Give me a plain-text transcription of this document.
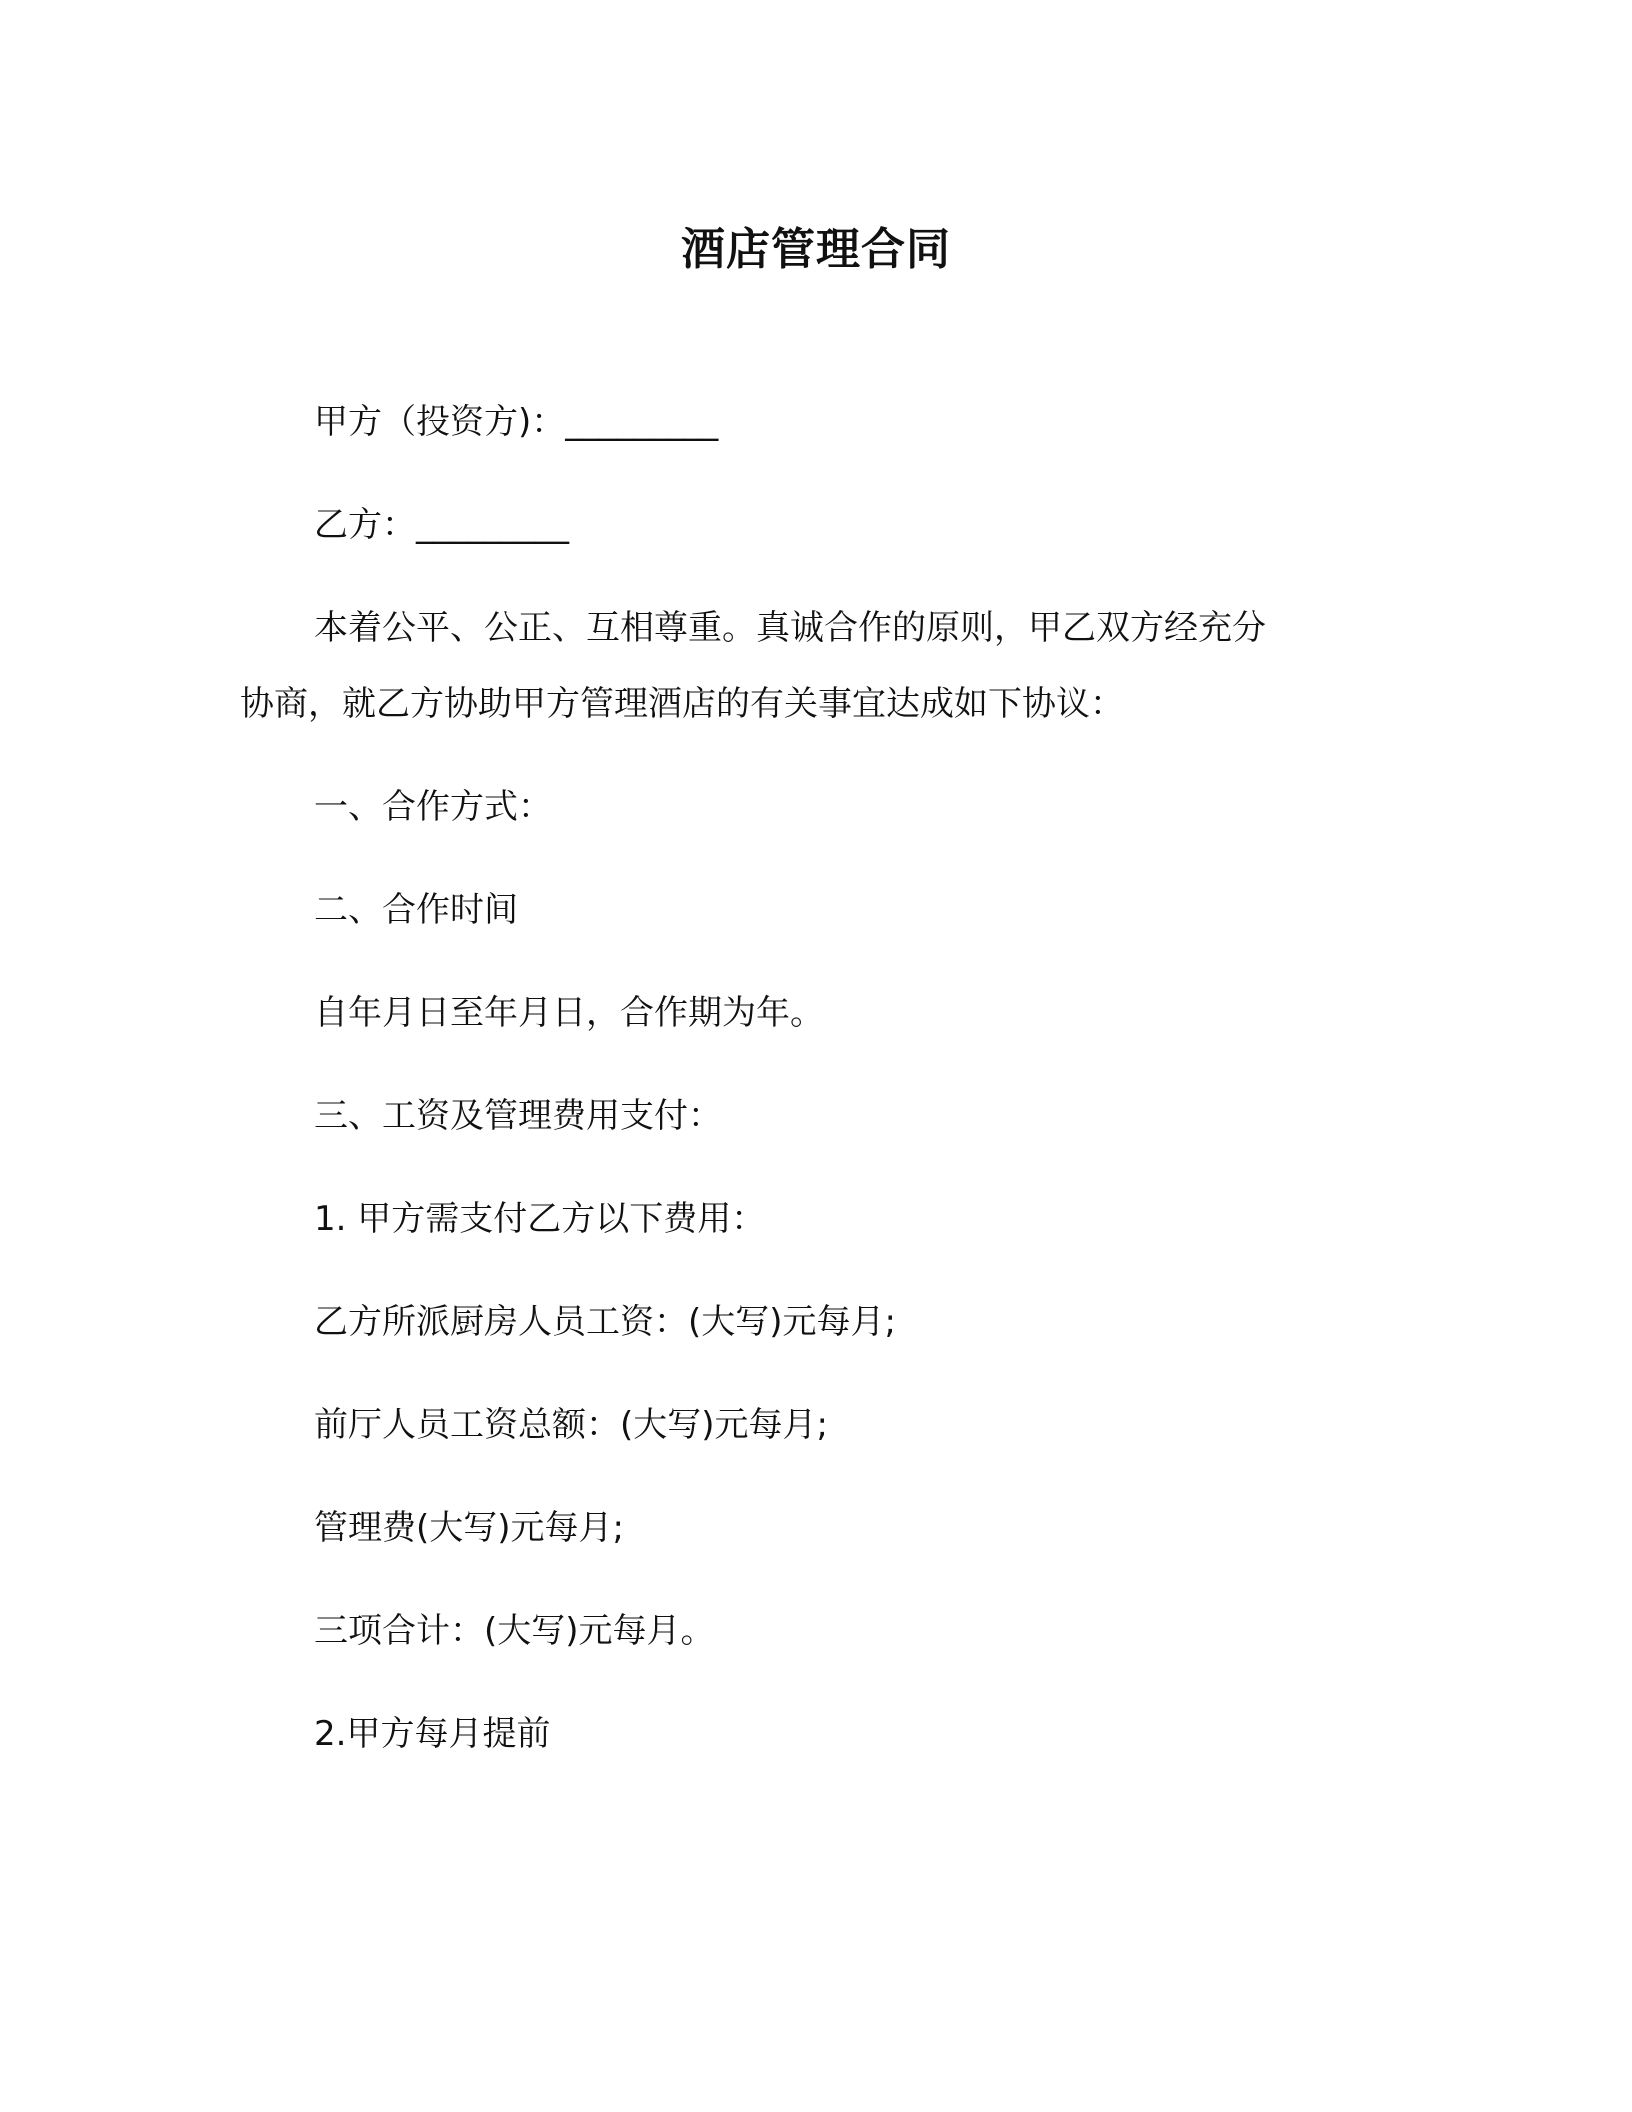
酒店管理合同
甲方（投资方)：_________
乙方：_________
本着公平、公正、互相尊重。真诚合作的原则，甲乙双方经充分
协商，就乙方协助甲方管理酒店的有关事宜达成如下协议：
一、合作方式：
二、合作时间
自年月日至年月日，合作期为年。
三、工资及管理费用支付：
1. 甲方需支付乙方以下费用：
乙方所派厨房人员工资：(大写)元每月;
前厅人员工资总额：(大写)元每月;
管理费(大写)元每月;
三项合计：(大写)元每月。
2.甲方每月提前
